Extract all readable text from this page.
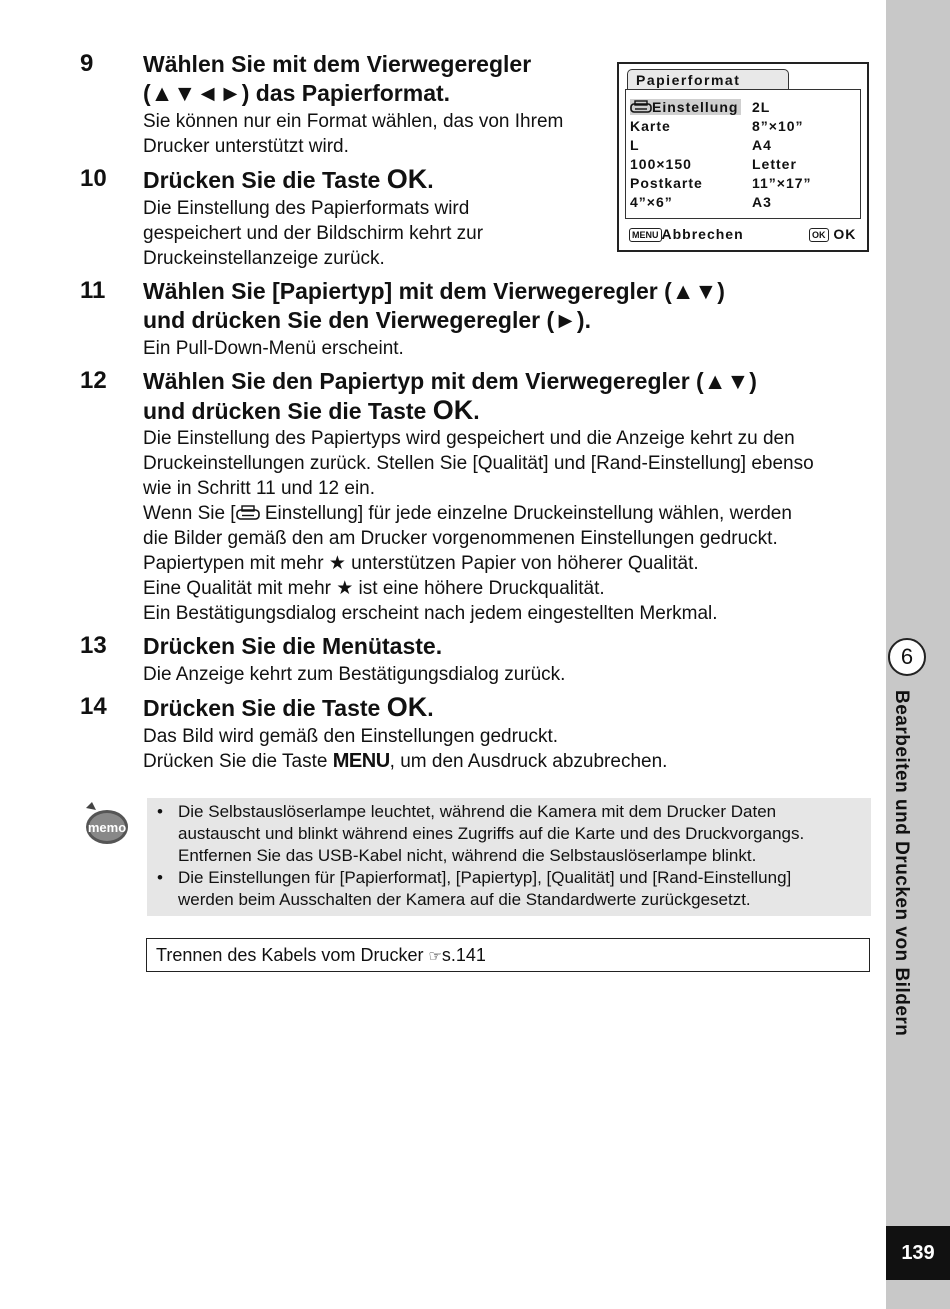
6
Bearbeiten und Drucken von Bildern
139
Papierformat
Einstellung 2L
Karte	8”×10”
L	A4
100×150	Letter
Postkarte	11”×17”
4”×6”	A3
MENU Abbrechen	OK OK
9 Wählen Sie mit dem Vierwegeregler
(▲▼◄►) das Papierformat.
Sie können nur ein Format wählen, das von Ihrem
Drucker unterstützt wird.
10 Drücken Sie die Taste OK.
Die Einstellung des Papierformats wird
gespeichert und der Bildschirm kehrt zur
Druckeinstellanzeige zurück.
11 Wählen Sie [Papiertyp] mit dem Vierwegeregler (▲▼)
und drücken Sie den Vierwegeregler (►).
Ein Pull-Down-Menü erscheint.
12 Wählen Sie den Papiertyp mit dem Vierwegeregler (▲▼)
und drücken Sie die Taste OK.
Die Einstellung des Papiertyps wird gespeichert und die Anzeige kehrt zu den
Druckeinstellungen zurück. Stellen Sie [Qualität] und [Rand-Einstellung] ebenso
wie in Schritt 11 und 12 ein.
Wenn Sie [ Einstellung] für jede einzelne Druckeinstellung wählen, werden
die Bilder gemäß den am Drucker vorgenommenen Einstellungen gedruckt.
Papiertypen mit mehr ★ unterstützen Papier von höherer Qualität.
Eine Qualität mit mehr ★ ist eine höhere Druckqualität.
Ein Bestätigungsdialog erscheint nach jedem eingestellten Merkmal.
13 Drücken Sie die Menütaste.
Die Anzeige kehrt zum Bestätigungsdialog zurück.
14 Drücken Sie die Taste OK.
Das Bild wird gemäß den Einstellungen gedruckt.
Drücken Sie die Taste MENU, um den Ausdruck abzubrechen.
memo
• Die Selbstauslöserlampe leuchtet, während die Kamera mit dem Drucker Daten
austauscht und blinkt während eines Zugriffs auf die Karte und des Druckvorgangs.
Entfernen Sie das USB-Kabel nicht, während die Selbstauslöserlampe blinkt.
• Die Einstellungen für [Papierformat], [Papiertyp], [Qualität] und [Rand-Einstellung]
werden beim Ausschalten der Kamera auf die Standardwerte zurückgesetzt.
Trennen des Kabels vom Drucker ☞s.141
